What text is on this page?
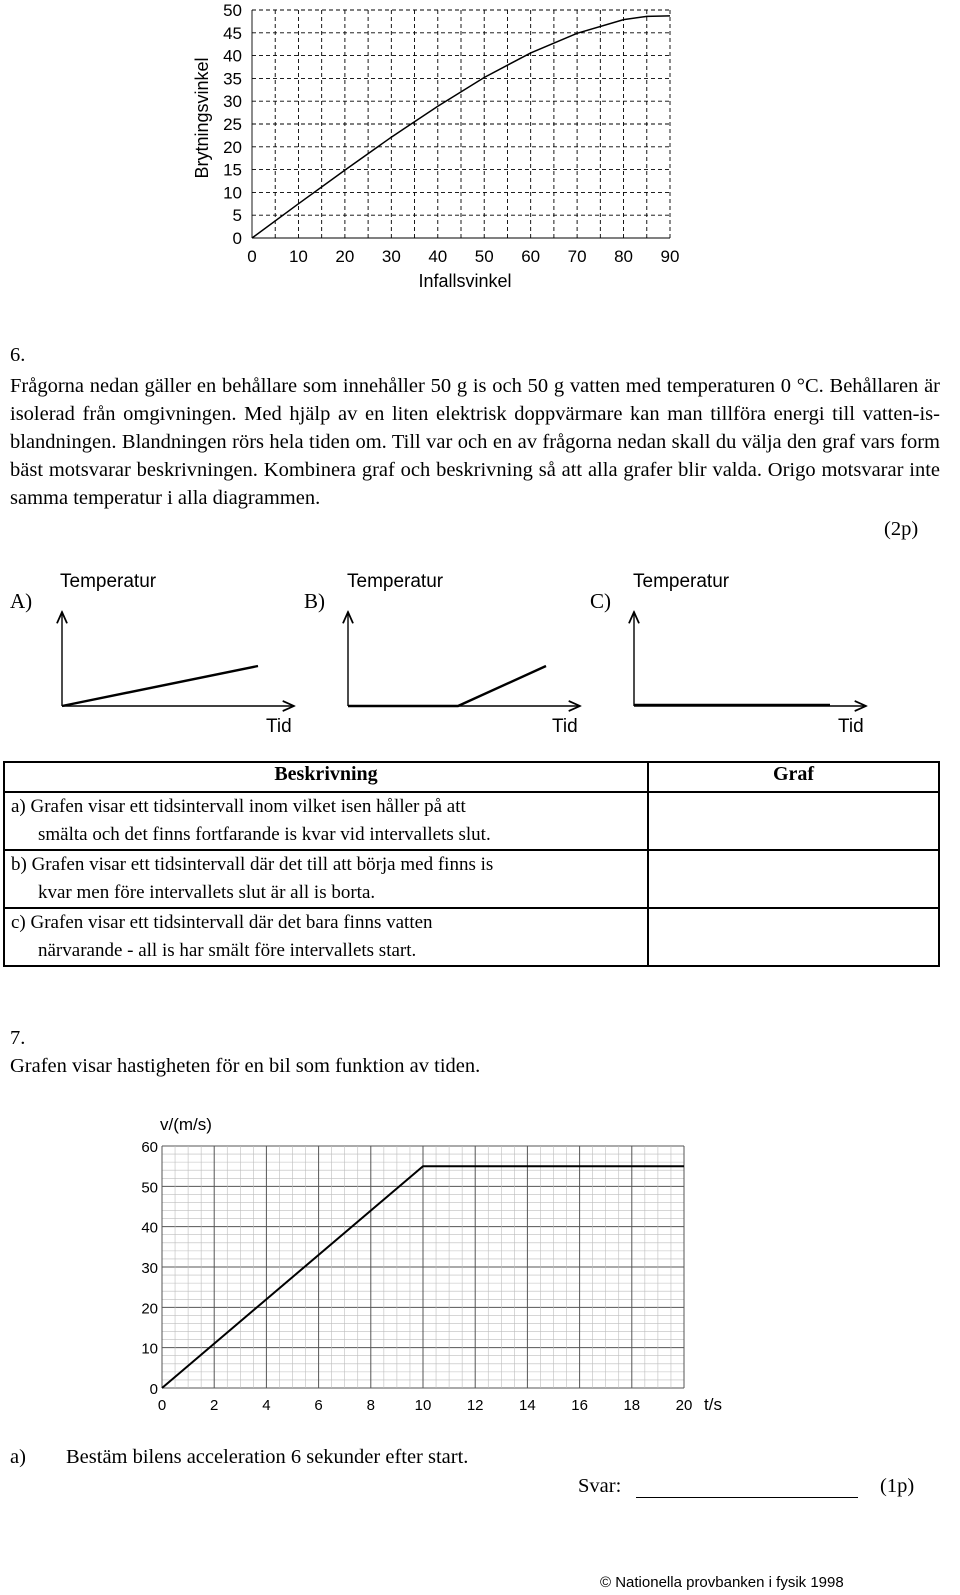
Brytningsvinkel
50
45
40
35
30
25
20
15
10
5
0
0 10 20 30 40 50 60 70 80 90
Infallsvinkel
6.
Frågorna nedan gäller en behållare som innehåller 50 g is och 50 g vatten med temperaturen 0 °C. Behållaren är isolerad från omgivningen. Med hjälp av en liten elektrisk doppvärmare kan man tillföra energi till vatten-is-blandningen. Blandningen rörs hela tiden om. Till var och en av frågorna nedan skall du välja den graf vars form bäst motsvarar beskrivningen. Kombinera graf och beskrivning så att alla grafer blir valda. Origo motsvarar inte samma temperatur i alla diagrammen.
(2p)
A)
Temperatur
Tid
B)
Temperatur
Tid
C)
Temperatur
Tid
Beskrivning	Graf

a) Grafen visar ett tidsintervall inom vilket isen håller på att
smälta och det finns fortfarande is kvar vid intervallets slut.	

b) Grafen visar ett tidsintervall där det till att börja med finns is
kvar men före intervallets slut är all is borta.	

c) Grafen visar ett tidsintervall där det bara finns vatten
närvarande - all is har smält före intervallets start.	

7.
Grafen visar hastigheten för en bil som funktion av tiden.
v/(m/s)
60
50
40
30
20
10
0
0	2	4	6	8	10 12 14 16 18 20 t/s
a) Bestäm bilens acceleration 6 sekunder efter start.
Svar:	(1p)
© Nationella provbanken i fysik 1998
